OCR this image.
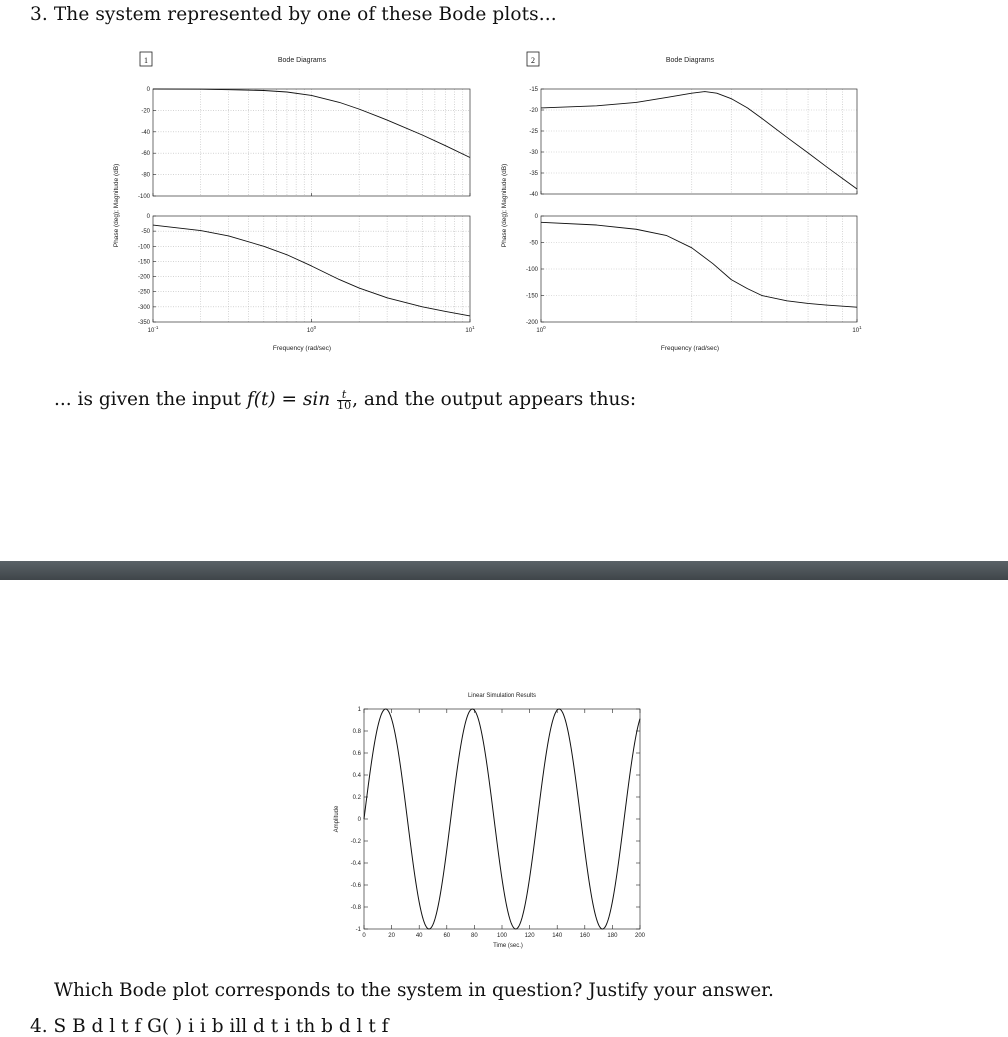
3. The system represented by one of these Bode plots...
1	Bode Diagrams
0
-20
-40
-60
-80
-100
0
-50
-100
-150
-200
-250
-300
-350
$10^{-1}$
$10^0$
$10^1$
Frequency (rad/sec)
Phase (deg); Magnitude (dB)
2	Bode Diagrams
-15
-20
-25
-30
-35
-40
0
-50
-100
-150
-200
$10^0$
$10^1$
Frequency (rad/sec)
Phase (deg); Magnitude (dB)
... is given the input $f(t) = \sin \frac{t}{10}$ , and the output appears thus:
Linear Simulation Results
1
0.8
0.6
0.4
0.2
0
-0.2
-0.4
-0.6
-0.8
-1
0	20	40	60	80	100	120	140	160	180	200
Time (sec.)
Amplitude
Which Bode plot corresponds to the system in question? Justify your answer.
4. S B d l t f G( ) i i b ill d t i th b d l t f
